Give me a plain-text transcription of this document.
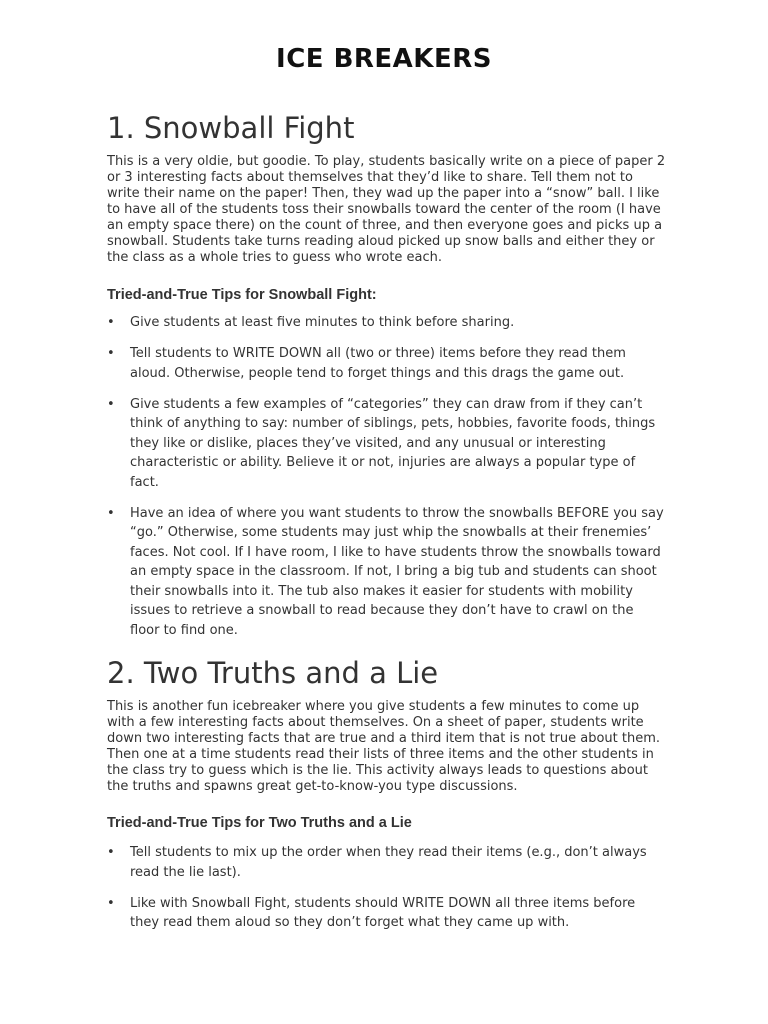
ICE BREAKERS
1. Snowball Fight

This is a very oldie, but goodie. To play, students basically write on a piece of paper 2 or 3 interesting facts about themselves that they’d like to share. Tell them not to write their name on the paper! Then, they wad up the paper into a “snow” ball. I like to have all of the students toss their snowballs toward the center of the room (I have an empty space there) on the count of three, and then everyone goes and picks up a snowball. Students take turns reading aloud picked up snow balls and either they or the class as a whole tries to guess who wrote each.

Tried-and-True Tips for Snowball Fight:
• Give students at least five minutes to think before sharing.
• Tell students to WRITE DOWN all (two or three) items before they read them aloud. Otherwise, people tend to forget things and this drags the game out.
• Give students a few examples of “categories” they can draw from if they can’t think of anything to say: number of siblings, pets, hobbies, favorite foods, things they like or dislike, places they’ve visited, and any unusual or interesting characteristic or ability. Believe it or not, injuries are always a popular type of fact.
• Have an idea of where you want students to throw the snowballs BEFORE you say “go.” Otherwise, some students may just whip the snowballs at their frenemies’ faces. Not cool. If I have room, I like to have students throw the snowballs toward an empty space in the classroom. If not, I bring a big tub and students can shoot their snowballs into it. The tub also makes it easier for students with mobility issues to retrieve a snowball to read because they don’t have to crawl on the floor to find one.
2. Two Truths and a Lie

This is another fun icebreaker where you give students a few minutes to come up with a few interesting facts about themselves. On a sheet of paper, students write down two interesting facts that are true and a third item that is not true about them. Then one at a time students read their lists of three items and the other students in the class try to guess which is the lie. This activity always leads to questions about the truths and spawns great get-to-know-you type discussions.

Tried-and-True Tips for Two Truths and a Lie
• Tell students to mix up the order when they read their items (e.g., don’t always read the lie last).
• Like with Snowball Fight, students should WRITE DOWN all three items before they read them aloud so they don’t forget what they came up with.
